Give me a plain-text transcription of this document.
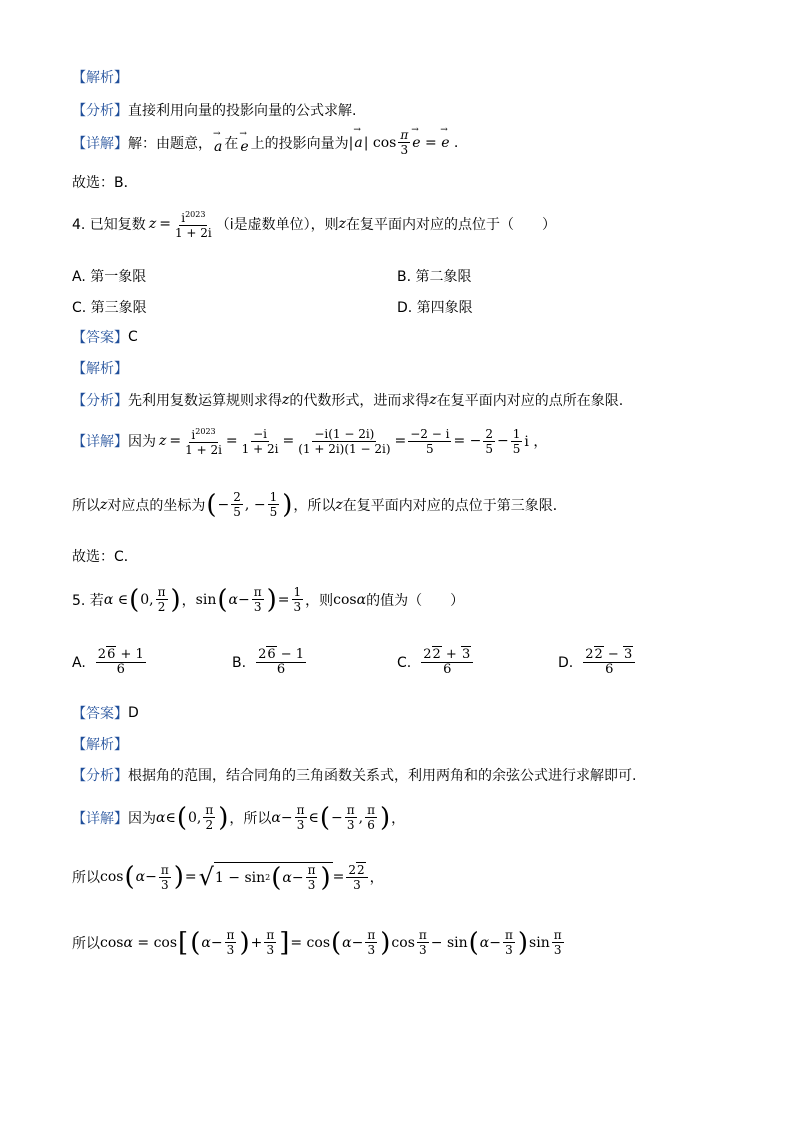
【解析】
【分析】 直接利用向量的投影向量的公式求解.
【详解】 解：由题意，
→ a 在
→ e 上的投影向量为 |
→ a | $\cos \frac{\pi}{3}$
→ e =
→ e .
故选：B．
4. 已知复数 $z = \frac{i^{2023}}{1 + 2i} (i$是虚数单位），则 z 在复平面内对应的点位于（　　）
A. 第一象限	B. 第二象限
C. 第三象限	D. 第四象限
【答案】 C
【解析】
【分析】 先利用复数运算规则求得 z 的代数形式，进而求得 z 在复平面内对应的点所在象限.
【详解】 因为 $z = \frac{i^{2023}}{1 + 2i} = \frac{-i}{1 + 2i} = \frac{-i(1 - 2i)}{(1 + 2i)(1 - 2i)} = \frac{-2 - i}{5}$ = − $\frac{2}{5} - \frac{1}{5}$ i ，
所以 z 对应点的坐标为 ( − $\frac{2}{5}$ , − $\frac{1}{5}$ ) ，所以 z 在复平面内对应的点位于第三象限．
故选：C．
5. 若 α ∈ ( 0, $\frac{\pi}{2}$ ) ， sin ( $\alpha - \frac{\pi}{3}$ ) = $\frac{1}{3}$ ，则 cosα 的值为（　　）
A. $\frac{26 + 1}{6}$	B. $\frac{26 - 1}{6}$	C. $\frac{22 + 3}{6}$	D. $\frac{22 - 3}{6}$
【答案】 D
【解析】
【分析】 根据角的范围，结合同角的三角函数关系式，利用两角和的余弦公式进行求解即可.
【详解】 因为 α ∈ ( 0, $\frac{\pi}{2}$ ) ，所以 $\alpha - \frac{\pi}{3}$ ∈ ( − $\frac{\pi}{3}$ , $\frac{\pi}{6}$ ) ，
所以 cos ( $\alpha - \frac{\pi}{3}$ ) = √ 1 − sin 2 ( $\alpha - \frac{\pi}{3}$ ) = $\frac{22}{3}$ ，
所以 cos α = cos [ ( $\alpha - \frac{\pi}{3}$ ) + $\frac{\pi}{3}$ ] = cos ( $\alpha - \frac{\pi}{3}$ ) $\cos \frac{\pi}{3} - \sin$ ( $\alpha - \frac{\pi}{3}$ ) $\sin \frac{\pi}{3}$
